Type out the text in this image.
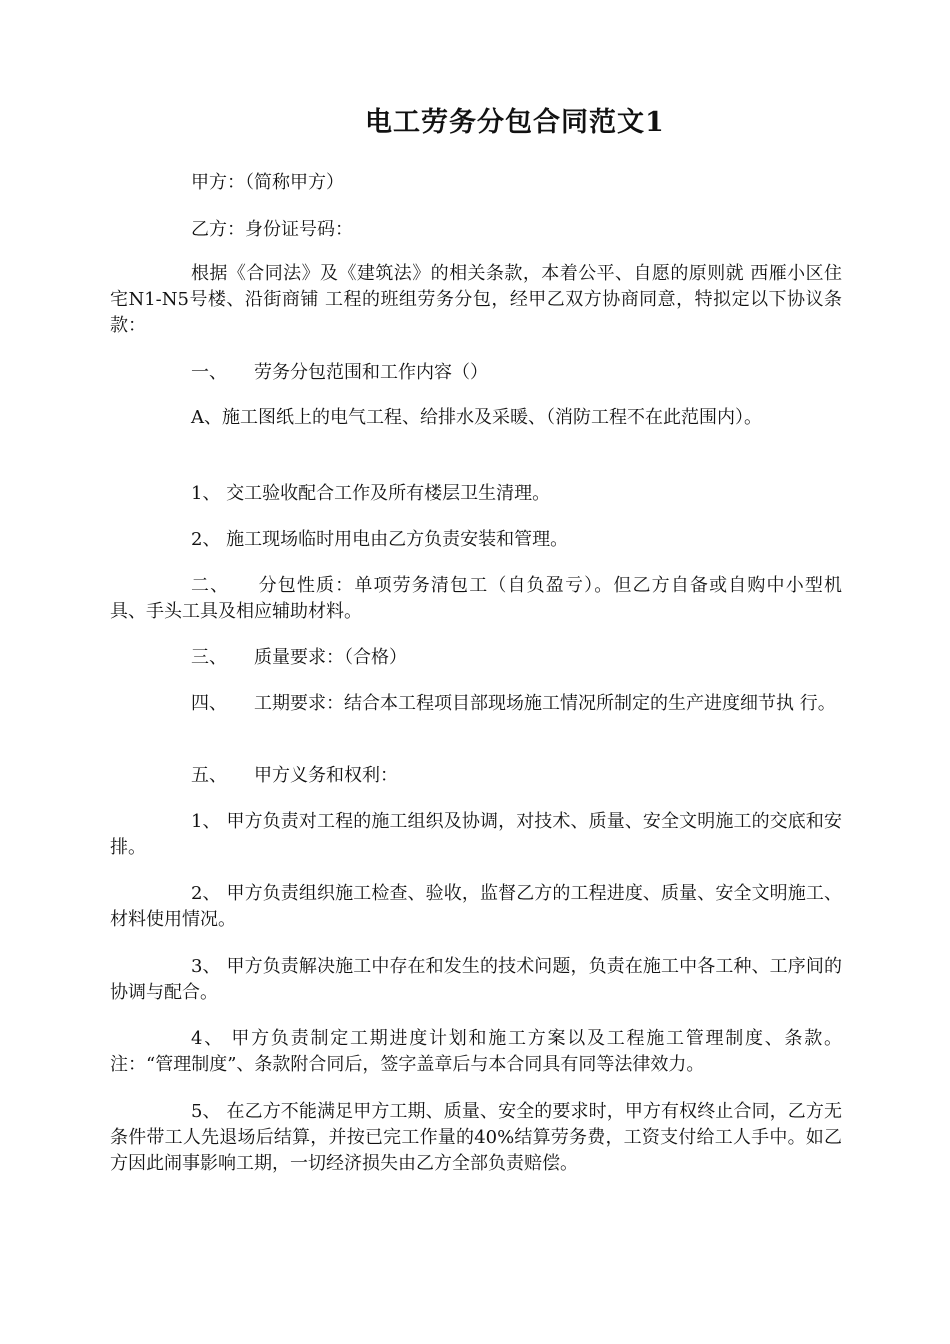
电工劳务分包合同范文1

甲方：（简称甲方）

乙方：身份证号码：

根据《合同法》及《建筑法》的相关条款，本着公平、自愿的原则就 西雁小区住宅N1-N5号楼、沿街商铺 工程的班组劳务分包，经甲乙双方协商同意，特拟定以下协议条款：

一、　　劳务分包范围和工作内容（）

A、施工图纸上的电气工程、给排水及采暖、（消防工程不在此范围内）。

1、 交工验收配合工作及所有楼层卫生清理。

2、 施工现场临时用电由乙方负责安装和管理。

二、　　分包性质：单项劳务清包工（自负盈亏）。但乙方自备或自购中小型机 具、手头工具及相应辅助材料。

三、　　质量要求：（合格）

四、　　工期要求：结合本工程项目部现场施工情况所制定的生产进度细节执 行。

五、　　甲方义务和权利：

1、 甲方负责对工程的施工组织及协调，对技术、质量、安全文明施工的交底和安排。

2、 甲方负责组织施工检查、验收，监督乙方的工程进度、质量、安全文明施工、材料使用情况。

3、 甲方负责解决施工中存在和发生的技术问题，负责在施工中各工种、工序间的协调与配合。

4、 甲方负责制定工期进度计划和施工方案以及工程施工管理制度、条款。注：“管理制度”、条款附合同后，签字盖章后与本合同具有同等法律效力。

5、 在乙方不能满足甲方工期、质量、安全的要求时，甲方有权终止合同，乙方无条件带工人先退场后结算，并按已完工作量的40%结算劳务费，工资支付给工人手中。如乙方因此闹事影响工期，一切经济损失由乙方全部负责赔偿。
